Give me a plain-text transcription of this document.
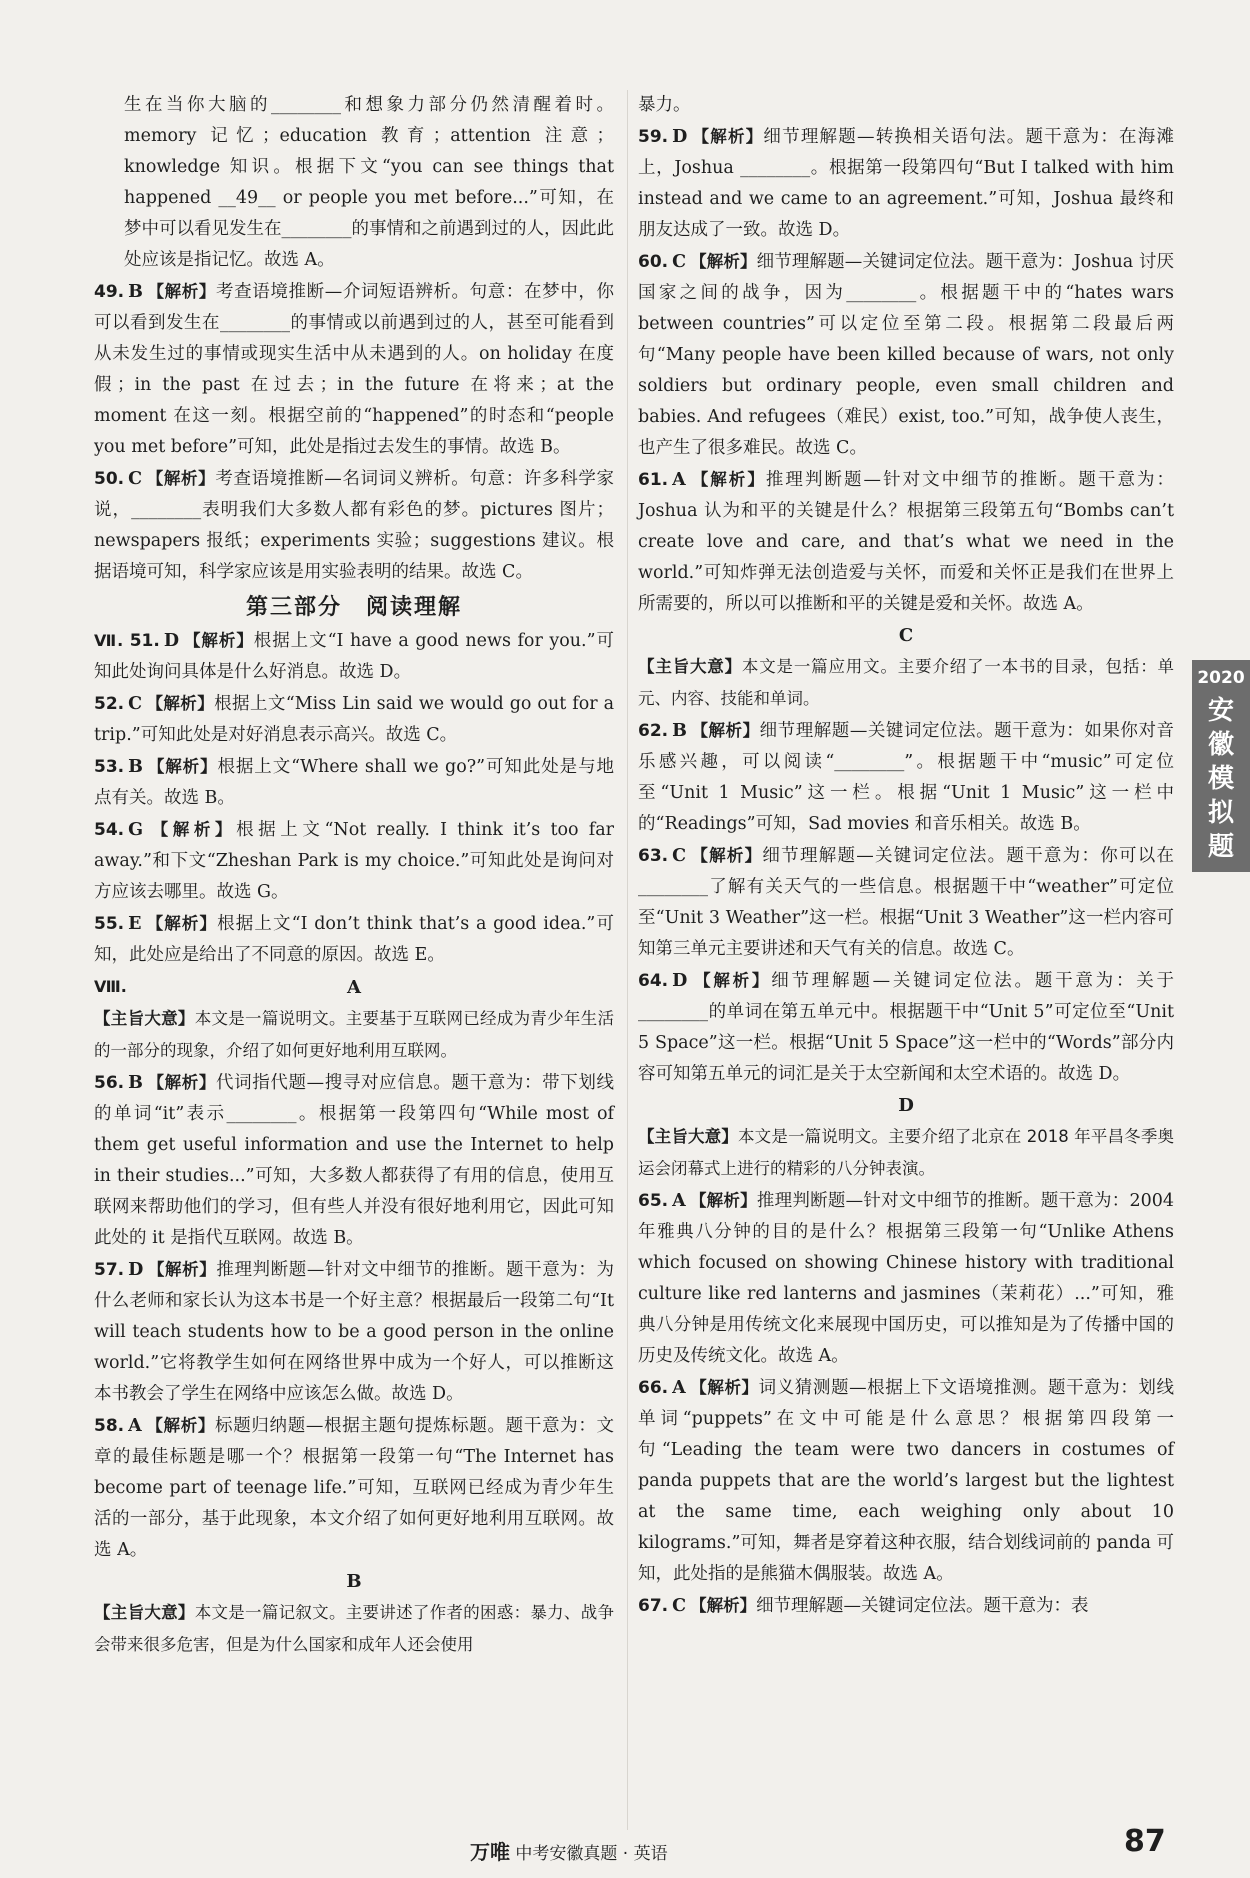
生在当你大脑的________和想象力部分仍然清醒着时。memory 记忆；education 教育；attention 注意；knowledge 知识。根据下文“you can see things that happened __49__ or people you met before...”可知，在梦中可以看见发生在________的事情和之前遇到过的人，因此此处应该是指记忆。故选 A。

49. B 【解析】考查语境推断—介词短语辨析。句意：在梦中，你可以看到发生在________的事情或以前遇到过的人，甚至可能看到从未发生过的事情或现实生活中从未遇到的人。on holiday 在度假；in the past 在过去；in the future 在将来；at the moment 在这一刻。根据空前的“happened”的时态和“people you met before”可知，此处是指过去发生的事情。故选 B。

50. C 【解析】考查语境推断—名词词义辨析。句意：许多科学家说，________表明我们大多数人都有彩色的梦。pictures 图片；newspapers 报纸；experiments 实验；suggestions 建议。根据语境可知，科学家应该是用实验表明的结果。故选 C。

第三部分　阅读理解

Ⅶ. 51. D 【解析】根据上文“I have a good news for you.”可知此处询问具体是什么好消息。故选 D。

52. C 【解析】根据上文“Miss Lin said we would go out for a trip.”可知此处是对好消息表示高兴。故选 C。

53. B 【解析】根据上文“Where shall we go?”可知此处是与地点有关。故选 B。

54. G 【解析】根据上文“Not really. I think it’s too far away.”和下文“Zheshan Park is my choice.”可知此处是询问对方应该去哪里。故选 G。

55. E 【解析】根据上文“I don’t think that’s a good idea.”可知，此处应是给出了不同意的原因。故选 E。

Ⅷ.	A

【主旨大意】本文是一篇说明文。主要基于互联网已经成为青少年生活的一部分的现象，介绍了如何更好地利用互联网。

56. B 【解析】代词指代题—搜寻对应信息。题干意为：带下划线的单词“it”表示________。根据第一段第四句“While most of them get useful information and use the Internet to help in their studies...”可知，大多数人都获得了有用的信息，使用互联网来帮助他们的学习，但有些人并没有很好地利用它，因此可知此处的 it 是指代互联网。故选 B。

57. D 【解析】推理判断题—针对文中细节的推断。题干意为：为什么老师和家长认为这本书是一个好主意？根据最后一段第二句“It will teach students how to be a good person in the online world.”它将教学生如何在网络世界中成为一个好人，可以推断这本书教会了学生在网络中应该怎么做。故选 D。

58. A 【解析】标题归纳题—根据主题句提炼标题。题干意为：文章的最佳标题是哪一个？根据第一段第一句“The Internet has become part of teenage life.”可知，互联网已经成为青少年生活的一部分，基于此现象，本文介绍了如何更好地利用互联网。故选 A。

B

【主旨大意】本文是一篇记叙文。主要讲述了作者的困惑：暴力、战争会带来很多危害，但是为什么国家和成年人还会使用

暴力。

59. D 【解析】细节理解题—转换相关语句法。题干意为：在海滩上，Joshua ________。根据第一段第四句“But I talked with him instead and we came to an agreement.”可知，Joshua 最终和朋友达成了一致。故选 D。

60. C 【解析】细节理解题—关键词定位法。题干意为：Joshua 讨厌国家之间的战争，因为________。根据题干中的“hates wars between countries”可以定位至第二段。根据第二段最后两句“Many people have been killed because of wars, not only soldiers but ordinary people, even small children and babies. And refugees（难民）exist, too.”可知，战争使人丧生，也产生了很多难民。故选 C。

61. A 【解析】推理判断题—针对文中细节的推断。题干意为：Joshua 认为和平的关键是什么？根据第三段第五句“Bombs can’t create love and care, and that’s what we need in the world.”可知炸弹无法创造爱与关怀，而爱和关怀正是我们在世界上所需要的，所以可以推断和平的关键是爱和关怀。故选 A。

C

【主旨大意】本文是一篇应用文。主要介绍了一本书的目录，包括：单元、内容、技能和单词。

62. B 【解析】细节理解题—关键词定位法。题干意为：如果你对音乐感兴趣，可以阅读“________”。根据题干中“music”可定位至“Unit 1 Music”这一栏。根据“Unit 1 Music”这一栏中的“Readings”可知，Sad movies 和音乐相关。故选 B。

63. C 【解析】细节理解题—关键词定位法。题干意为：你可以在________了解有关天气的一些信息。根据题干中“weather”可定位至“Unit 3 Weather”这一栏。根据“Unit 3 Weather”这一栏内容可知第三单元主要讲述和天气有关的信息。故选 C。

64. D 【解析】细节理解题—关键词定位法。题干意为：关于________的单词在第五单元中。根据题干中“Unit 5”可定位至“Unit 5 Space”这一栏。根据“Unit 5 Space”这一栏中的“Words”部分内容可知第五单元的词汇是关于太空新闻和太空术语的。故选 D。

D

【主旨大意】本文是一篇说明文。主要介绍了北京在 2018 年平昌冬季奥运会闭幕式上进行的精彩的八分钟表演。

65. A 【解析】推理判断题—针对文中细节的推断。题干意为：2004 年雅典八分钟的目的是什么？根据第三段第一句“Unlike Athens which focused on showing Chinese history with traditional culture like red lanterns and jasmines（茉莉花）...”可知，雅典八分钟是用传统文化来展现中国历史，可以推知是为了传播中国的历史及传统文化。故选 A。

66. A 【解析】词义猜测题—根据上下文语境推测。题干意为：划线单词“puppets”在文中可能是什么意思？根据第四段第一句“Leading the team were two dancers in costumes of panda puppets that are the world’s largest but the lightest at the same time, each weighing only about 10 kilograms.”可知，舞者是穿着这种衣服，结合划线词前的 panda 可知，此处指的是熊猫木偶服装。故选 A。

67. C 【解析】细节理解题—关键词定位法。题干意为：表

2020
安徽模拟题
万唯 中考安徽真题 · 英语	87
